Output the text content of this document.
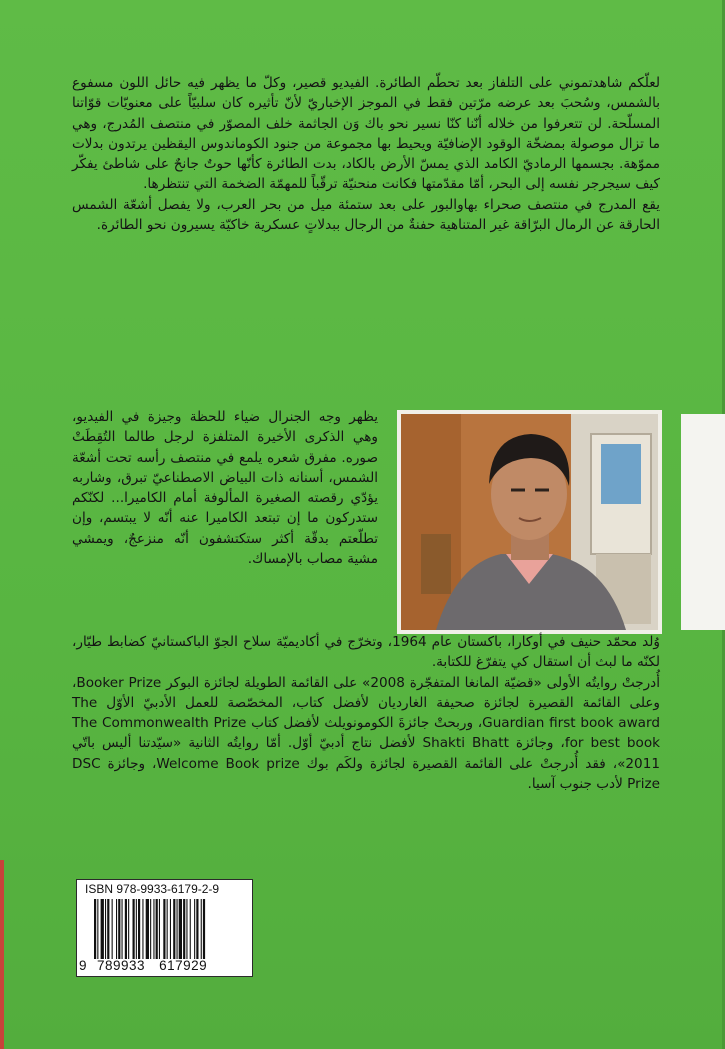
لعلّكم شاهدتموني على التلفاز بعد تحطّم الطائرة. الفيديو قصير، وكلّ ما يظهر فيه حائل اللون مسفوع بالشمس، وسُحبَ بعد عرضه مرّتين فقط في الموجز الإخباريّ لأنّ تأثيره كان سلبيّاً على معنويّات قوّاتنا المسلّحة. لن تتعرفوا من خلاله أنّنا كنّا نسير نحو باك وَن الجاثمة خلف المصوّر في منتصف المُدرج، وهي ما تزال موصولة بمضخّة الوقود الإضافيّة ويحيط بها مجموعة من جنود الكوماندوس اليقظين يرتدون بدلات مموّهة. بجسمها الرماديّ الكامد الذي يمسّ الأرض بالكاد، بدت الطائرة كأنّها حوتٌ جانحٌ على شاطئ يفكّر كيف سيجرجر نفسه إلى البحر، أمّا مقدّمتها فكانت منحنيّة ترقّباً للمهمّة الضخمة التي تنتظرها.

يقع المدرج في منتصف صحراء بهاوالبور على بعد ستمئة ميل من بحر العرب، ولا يفصل أشعّة الشمس الحارقة عن الرمال البرّاقة غير المتناهية حفنةٌ من الرجال ببدلاتٍ عسكرية خاكيّة يسيرون نحو الطائرة.

يظهر وجه الجنرال ضياء للحظة وجيزة في الفيديو، وهي الذكرى الأخيرة المتلفزة لرجل طالما التُقِطَتْ صوره. مفرق شعره يلمع في منتصف رأسه تحت أشعّة الشمس، أسنانه ذات البياض الاصطناعيّ تبرق، وشاربه يؤدّي رقصته الصغيرة المألوفة أمام الكاميرا... لكنّكم ستدركون ما إن تبتعد الكاميرا عنه أنّه لا يبتسم، وإن تطلّعتم بدقّة أكثر ستكتشفون أنّه منزعجٌ، ويمشي مشية مصاب بالإمساك.

وُلد محمّد حنيف في أوكارا، باكستان عام 1964، وتخرّج في أكاديميّة سلاح الجوّ الباكستانيّ كضابط طيّار، لكنّه ما لبث أن استقال كي يتفرّغ للكتابة.

أُدرجتْ روايتُه الأولى «قضيّة المانغا المتفجّرة 2008» على القائمة الطويلة لجائزة البوكر Booker Prize، وعلى القائمة القصيرة لجائزة صحيفة الغارديان لأفضل كتاب، المخصّصة للعمل الأدبيّ الأوّل The Guardian first book award، وربحتْ جائزةَ الكومونويلث لأفضل كتاب The Commonwealth Prize for best book، وجائزة Shakti Bhatt لأفضل نتاج أدبيّ أوّل. أمّا روايتُه الثانية «سيّدتنا أليس باتّي 2011»، فقد أُدرجتْ على القائمة القصيرة لجائزة ولكَم بوك Welcome Book prize، وجائزة DSC Prize لأدب جنوب آسيا.

ISBN 978-9933-6179-2-9
9 789933 617929
